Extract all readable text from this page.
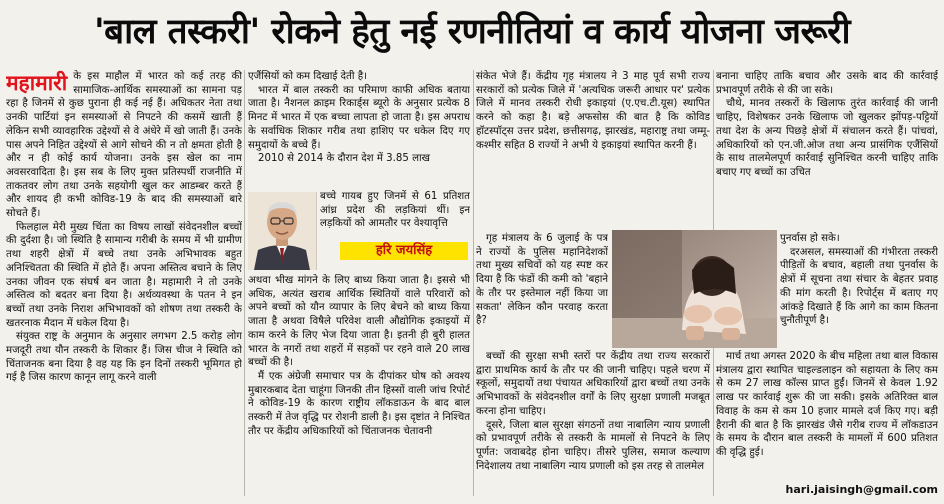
'बाल तस्करी' रोकने हेतु नई रणनीतियां व कार्य योजना जरूरी
महामारी के इस माहौल में भारत को कई तरह की सामाजिक-आर्थिक समस्याओं का सामना पड़ रहा है जिनमें से कुछ पुराना ही कई नई हैं। अधिकतर नेता तथा उनकी पार्टियां इन समस्याओं से निपटने की कसमें खाती हैं लेकिन सभी व्यावहारिक उद्देश्यों से वे अंधेरे में खो जाती हैं। उनके पास अपने निहित उद्देश्यों से आगे सोचने की न तो क्षमता होती है और न ही कोई कार्य योजना। उनके इस खेल का नाम अवसरवादिता है। इस सब के लिए मुक्त प्रतिस्पर्धी राजनीति में ताकतवर लोग तथा उनके सहयोगी खुल कर आडम्बर करते हैं और शायद ही कभी कोविड-19 के बाद की समस्याओं बारे सोचते हैं।

फिलहाल मेरी मुख्य चिंता का विषय लाखों संवेदनशील बच्चों की दुर्दशा है। जो स्थिति है सामान्य गरीबी के समय में भी ग्रामीण तथा शहरी क्षेत्रों में बच्चे तथा उनके अभिभावक बहुत अनिश्चितता की स्थिति में होते हैं। अपना अस्तित्व बचाने के लिए उनका जीवन एक संघर्ष बन जाता है। महामारी ने तो उनके अस्तित्व को बदतर बना दिया है। अर्थव्यवस्था के पतन ने इन बच्चों तथा उनके निराश अभिभावकों को शोषण तथा तस्करी के खतरनाक मैदान में धकेल दिया है।

संयुक्त राष्ट्र के अनुमान के अनुसार लगभग 2.5 करोड़ लोग मजदूरी तथा यौन तस्करी के शिकार हैं। जिस चीज ने स्थिति को चिंताजनक बना दिया है वह यह कि इन दिनों तस्करी भूमिगत हो गई है जिस कारण कानून लागू करने वाली

एजैंसियों को कम दिखाई देती है।

भारत में बाल तस्करी का परिमाण काफी अधिक बताया जाता है। नैशनल क्राइम रिकार्ड्स ब्यूरो के अनुसार प्रत्येक 8 मिनट में भारत में एक बच्चा लापता हो जाता है। इस अपराध के सर्वाधिक शिकार गरीब तथा हाशिए पर धकेल दिए गए समुदायों के बच्चे हैं।

2010 से 2014 के दौरान देश में 3.85 लाख

हरि जयसिंह

बच्चे गायब हुए जिनमें से 61 प्रतिशत आंध्र प्रदेश की लड़कियां थीं। इन लड़कियों को आमतौर पर वेश्यावृत्ति

अथवा भीख मांगने के लिए बाध्य किया जाता है। इससे भी अधिक, अत्यंत खराब आर्थिक स्थितियों वाले परिवारों को अपने बच्चों को यौन व्यापार के लिए बेचने को बाध्य किया जाता है अथवा विषैले परिवेश वाली औद्योगिक इकाइयों में काम करने के लिए भेज दिया जाता है। इतनी ही बुरी हालत भारत के नगरों तथा शहरों में सड़कों पर रहने वाले 20 लाख बच्चों की है।

मैं एक अंग्रेजी समाचार पत्र के दीपांकर घोष को अवश्य मुबारकबाद देता चाहूंगा जिनकी तीन हिस्सों वाली जांच रिपोर्ट ने कोविड-19 के कारण राष्ट्रीय लॉकडाऊन के बाद बाल तस्करी में तेज वृद्धि पर रोशनी डाली है। इस दृष्टांत ने निश्चित तौर पर केंद्रीय अधिकारियों को चिंताजनक चेतावनी

संकेत भेजे हैं। केंद्रीय गृह मंत्रालय ने 3 माह पूर्व सभी राज्य सरकारों को प्रत्येक जिले में 'अत्यधिक जरूरी आधार पर' प्रत्येक जिले में मानव तस्करी रोधी इकाइयां (ए.एच.टी.यूस) स्थापित करने को कहा है। बड़े अफसोस की बात है कि कोविड हॉटस्पॉट्स उत्तर प्रदेश, छत्तीसगढ़, झारखंड, महाराष्ट्र तथा जम्मू-कश्मीर सहित 8 राज्यों ने अभी ये इकाइयां स्थापित करनी हैं।

गृह मंत्रालय के 6 जुलाई के पत्र ने राज्यों के पुलिस महानिदेशकों तथा मुख्य सचिवों को यह स्पष्ट कर दिया है कि फंडों की कमी को 'बहाने के तौर पर इस्तेमाल नहीं किया जा सकता' लेकिन कौन परवाह करता है?

बच्चों की सुरक्षा सभी स्तरों पर केंद्रीय तथा राज्य सरकारों द्वारा प्राथमिक कार्य के तौर पर की जानी चाहिए। पहले चरण में स्कूलों, समुदायों तथा पंचायत अधिकारियों द्वारा बच्चों तथा उनके अभिभावकों के संवेदनशील वर्गों के लिए सुरक्षा प्रणाली मजबूत करना होना चाहिए।

दूसरे, जिला बाल सुरक्षा संगठनों तथा नाबालिग न्याय प्रणाली को प्रभावपूर्ण तरीके से तस्करी के मामलों से निपटने के लिए पूर्णत: जवाबदेह होना चाहिए। तीसरे पुलिस, समाज कल्याण निदेशालय तथा नाबालिग न्याय प्रणाली को इस तरह से तालमेल

बनाना चाहिए ताकि बचाव और उसके बाद की कार्रवाई प्रभावपूर्ण तरीके से की जा सके।

चौथे, मानव तस्करों के खिलाफ तुरंत कार्रवाई की जानी चाहिए, विशेषकर उनके खिलाफ जो खुलकर झोंपड़-पट्टियों तथा देश के अन्य पिछड़े क्षेत्रों में संचालन करते हैं। पांचवां, अधिकारियों को एन.जी.ओज तथा अन्य प्रासंगिक एजैंसियों के साथ तालमेलपूर्ण कार्रवाई सुनिश्चित करनी चाहिए ताकि बचाए गए बच्चों का उचित

पुनर्वास हो सके।

दरअसल, समस्याओं की गंभीरता तस्करी पीड़ितों के बचाव, बहाली तथा पुनर्वास के क्षेत्रों में सूचना तथा संचार के बेहतर प्रवाह की मांग करती है। रिपोर्ट्स में बताए गए आंकड़े दिखाते हैं कि आगे का काम कितना चुनौतीपूर्ण है।

मार्च तथा अगस्त 2020 के बीच महिला तथा बाल विकास मंत्रालय द्वारा स्थापित चाइल्डलाइन को सहायता के लिए कम से कम 27 लाख कॉल्स प्राप्त हुईं। जिनमें से केवल 1.92 लाख पर कार्रवाई शुरू की जा सकी। इसके अतिरिक्त बाल विवाह के कम से कम 10 हजार मामले दर्ज किए गए। बड़ी हैरानी की बात है कि झारखंड जैसे गरीब राज्य में लॉकडाउन के समय के दौरान बाल तस्करी के मामलों में 600 प्रतिशत की वृद्धि हुई।

hari.jaisingh@gmail.com
